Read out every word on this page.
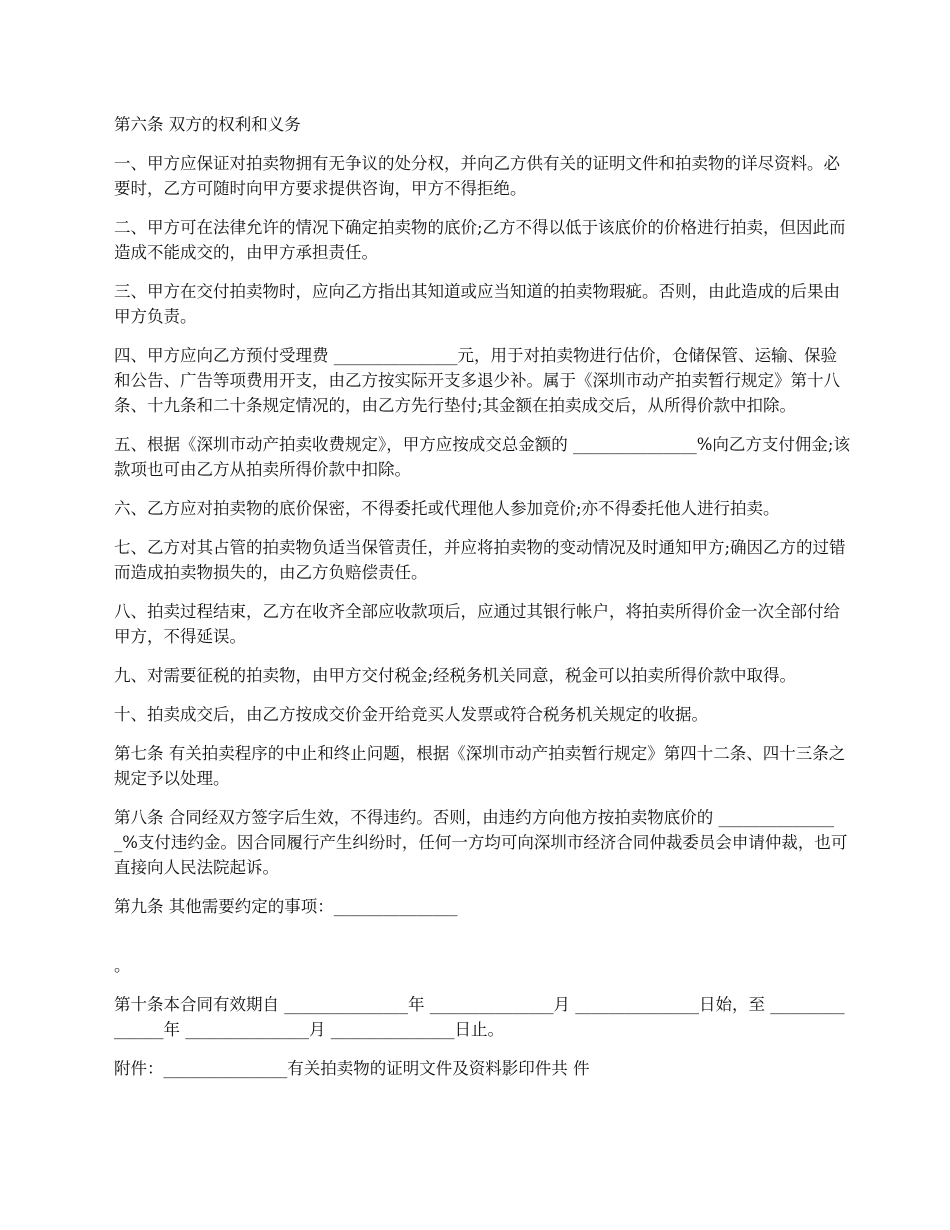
第六条 双方的权利和义务

一、甲方应保证对拍卖物拥有无争议的处分权，并向乙方供有关的证明文件和拍卖物的详尽资料。必要时，乙方可随时向甲方要求提供咨询，甲方不得拒绝。

二、甲方可在法律允许的情况下确定拍卖物的底价;乙方不得以低于该底价的价格进行拍卖，但因此而造成不能成交的，由甲方承担责任。

三、甲方在交付拍卖物时，应向乙方指出其知道或应当知道的拍卖物瑕疵。否则，由此造成的后果由甲方负责。

四、甲方应向乙方预付受理费 _______________元，用于对拍卖物进行估价，仓储保管、运输、保验和公告、广告等项费用开支，由乙方按实际开支多退少补。属于《深圳市动产拍卖暂行规定》第十八条、十九条和二十条规定情况的，由乙方先行垫付;其金额在拍卖成交后，从所得价款中扣除。

五、根据《深圳市动产拍卖收费规定》，甲方应按成交总金额的 _______________%向乙方支付佣金;该款项也可由乙方从拍卖所得价款中扣除。

六、乙方应对拍卖物的底价保密，不得委托或代理他人参加竞价;亦不得委托他人进行拍卖。

七、乙方对其占管的拍卖物负适当保管责任，并应将拍卖物的变动情况及时通知甲方;确因乙方的过错而造成拍卖物损失的，由乙方负赔偿责任。

八、拍卖过程结束，乙方在收齐全部应收款项后，应通过其银行帐户，将拍卖所得价金一次全部付给甲方，不得延误。

九、对需要征税的拍卖物，由甲方交付税金;经税务机关同意，税金可以拍卖所得价款中取得。

十、拍卖成交后，由乙方按成交价金开给竞买人发票或符合税务机关规定的收据。

第七条 有关拍卖程序的中止和终止问题，根据《深圳市动产拍卖暂行规定》第四十二条、四十三条之规定予以处理。

第八条 合同经双方签字后生效，不得违约。否则，由违约方向他方按拍卖物底价的 _______________%支付违约金。因合同履行产生纠纷时，任何一方均可向深圳市经济合同仲裁委员会申请仲裁，也可直接向人民法院起诉。

第九条 其他需要约定的事项：_______________

。

第十条本合同有效期自 _______________年 _______________月 _______________日始，至 _______________年 _______________月 _______________日止。

附件：_______________有关拍卖物的证明文件及资料影印件共 件
